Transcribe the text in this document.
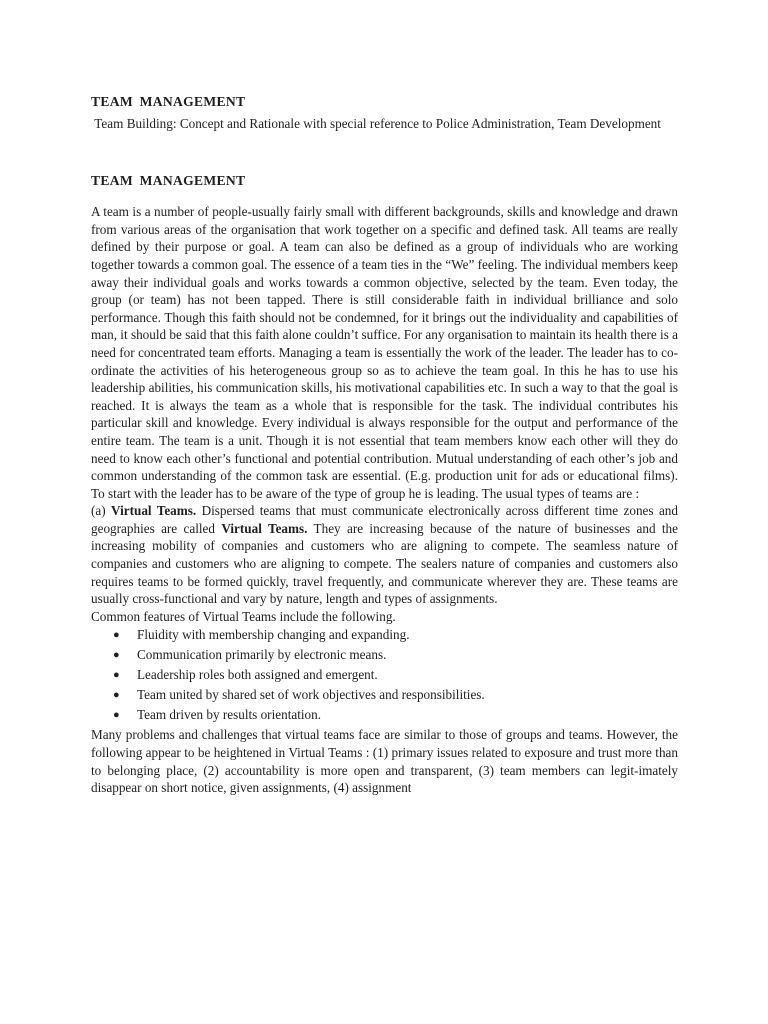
TEAM MANAGEMENT

Team Building: Concept and Rationale with special reference to Police Administration, Team Development

TEAM MANAGEMENT

A team is a number of people-usually fairly small with different backgrounds, skills and knowledge and drawn from various areas of the organisation that work together on a specific and defined task. All teams are really defined by their purpose or goal. A team can also be defined as a group of individuals who are working together towards a common goal. The essence of a team ties in the “We” feeling. The individual members keep away their individual goals and works towards a common objective, selected by the team. Even today, the group (or team) has not been tapped. There is still considerable faith in individual brilliance and solo performance. Though this faith should not be condemned, for it brings out the individuality and capabilities of man, it should be said that this faith alone couldn’t suffice. For any organisation to maintain its health there is a need for concentrated team efforts. Managing a team is essentially the work of the leader. The leader has to co-ordinate the activities of his heterogeneous group so as to achieve the team goal. In this he has to use his leadership abilities, his communication skills, his motivational capabilities etc. In such a way to that the goal is reached. It is always the team as a whole that is responsible for the task. The individual contributes his particular skill and knowledge. Every individual is always responsible for the output and performance of the entire team. The team is a unit. Though it is not essential that team members know each other will they do need to know each other’s functional and potential contribution. Mutual understanding of each other’s job and common understanding of the common task are essential. (E.g. production unit for ads or educational films). To start with the leader has to be aware of the type of group he is leading. The usual types of teams are :

(a) Virtual Teams. Dispersed teams that must communicate electronically across different time zones and geographies are called Virtual Teams. They are increasing because of the nature of businesses and the increasing mobility of companies and customers who are aligning to compete. The seamless nature of companies and customers who are aligning to compete. The sealers nature of companies and customers also requires teams to be formed quickly, travel frequently, and communicate wherever they are. These teams are usually cross-functional and vary by nature, length and types of assignments.

Common features of Virtual Teams include the following.

● Fluidity with membership changing and expanding.
● Communication primarily by electronic means.
● Leadership roles both assigned and emergent.
● Team united by shared set of work objectives and responsibilities.
● Team driven by results orientation.

Many problems and challenges that virtual teams face are similar to those of groups and teams. However, the following appear to be heightened in Virtual Teams : (1) primary issues related to exposure and trust more than to belonging place, (2) accountability is more open and transparent, (3) team members can legit-imately disappear on short notice, given assignments, (4) assignment
